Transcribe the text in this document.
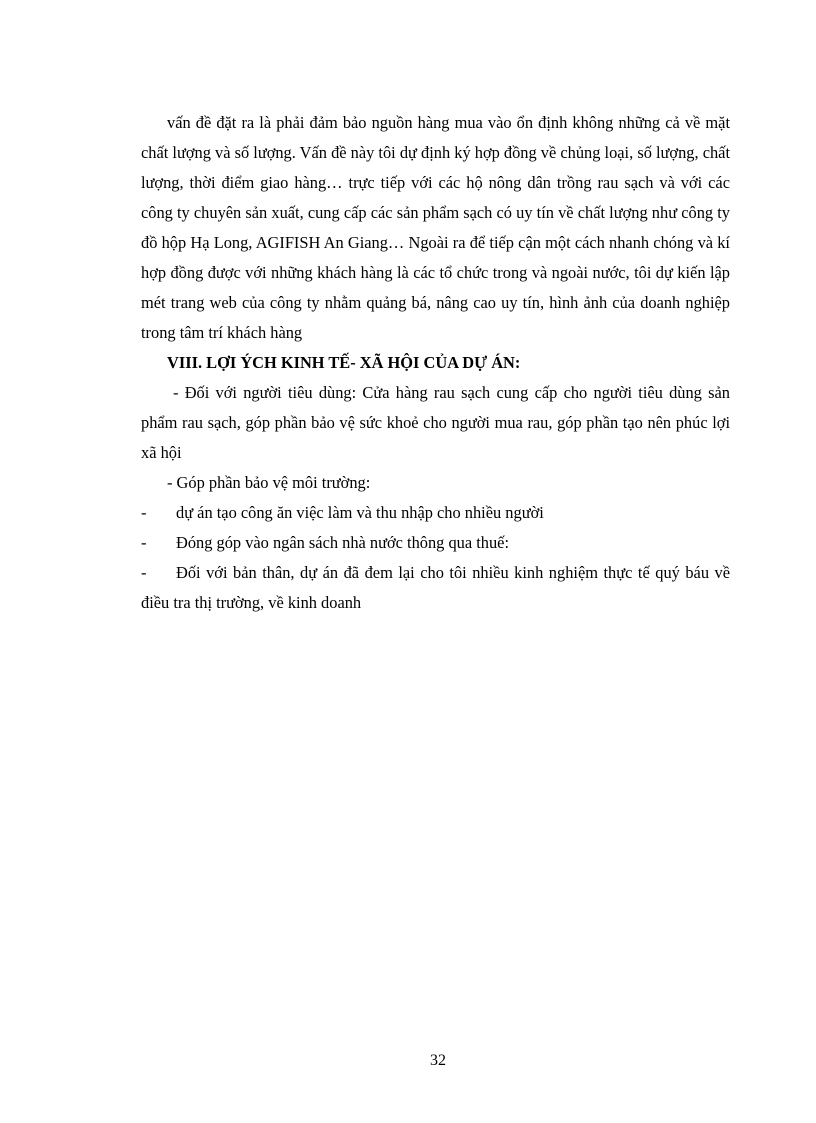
vấn đề đặt ra là phải đảm bảo nguồn hàng mua vào ổn định không những cả về mặt chất lượng và số lượng. Vấn đề này tôi dự định ký hợp đồng về chủng loại, số lượng, chất lượng, thời điểm giao hàng… trực tiếp với các hộ nông dân trồng rau sạch và với các công ty chuyên sản xuất, cung cấp các sản phẩm sạch có uy tín về chất lượng như công ty đồ hộp Hạ Long, AGIFISH An Giang… Ngoài ra để tiếp cận một cách nhanh chóng và kí hợp đồng được với những khách hàng là các tổ chức trong và ngoài nước, tôi dự kiến lập mét trang web của công ty nhằm quảng bá, nâng cao uy tín, hình ảnh của doanh nghiệp trong tâm trí khách hàng

VIII. LỢI ÝCH KINH TẾ- XÃ HỘI CỦA DỰ ÁN:

- Đối với người tiêu dùng: Cửa hàng rau sạch cung cấp cho người tiêu dùng sản phẩm rau sạch, góp phần bảo vệ sức khoẻ cho người mua rau, góp phần tạo nên phúc lợi xã hội

- Góp phần bảo vệ môi trường:

-	dự án tạo công ăn việc làm và thu nhập cho nhiều người
-	Đóng góp vào ngân sách nhà nước thông qua thuế:
-	Đối với bản thân, dự án đã đem lại cho tôi nhiều kinh nghiệm thực tế quý báu về điều tra thị trường, về kinh doanh
32
